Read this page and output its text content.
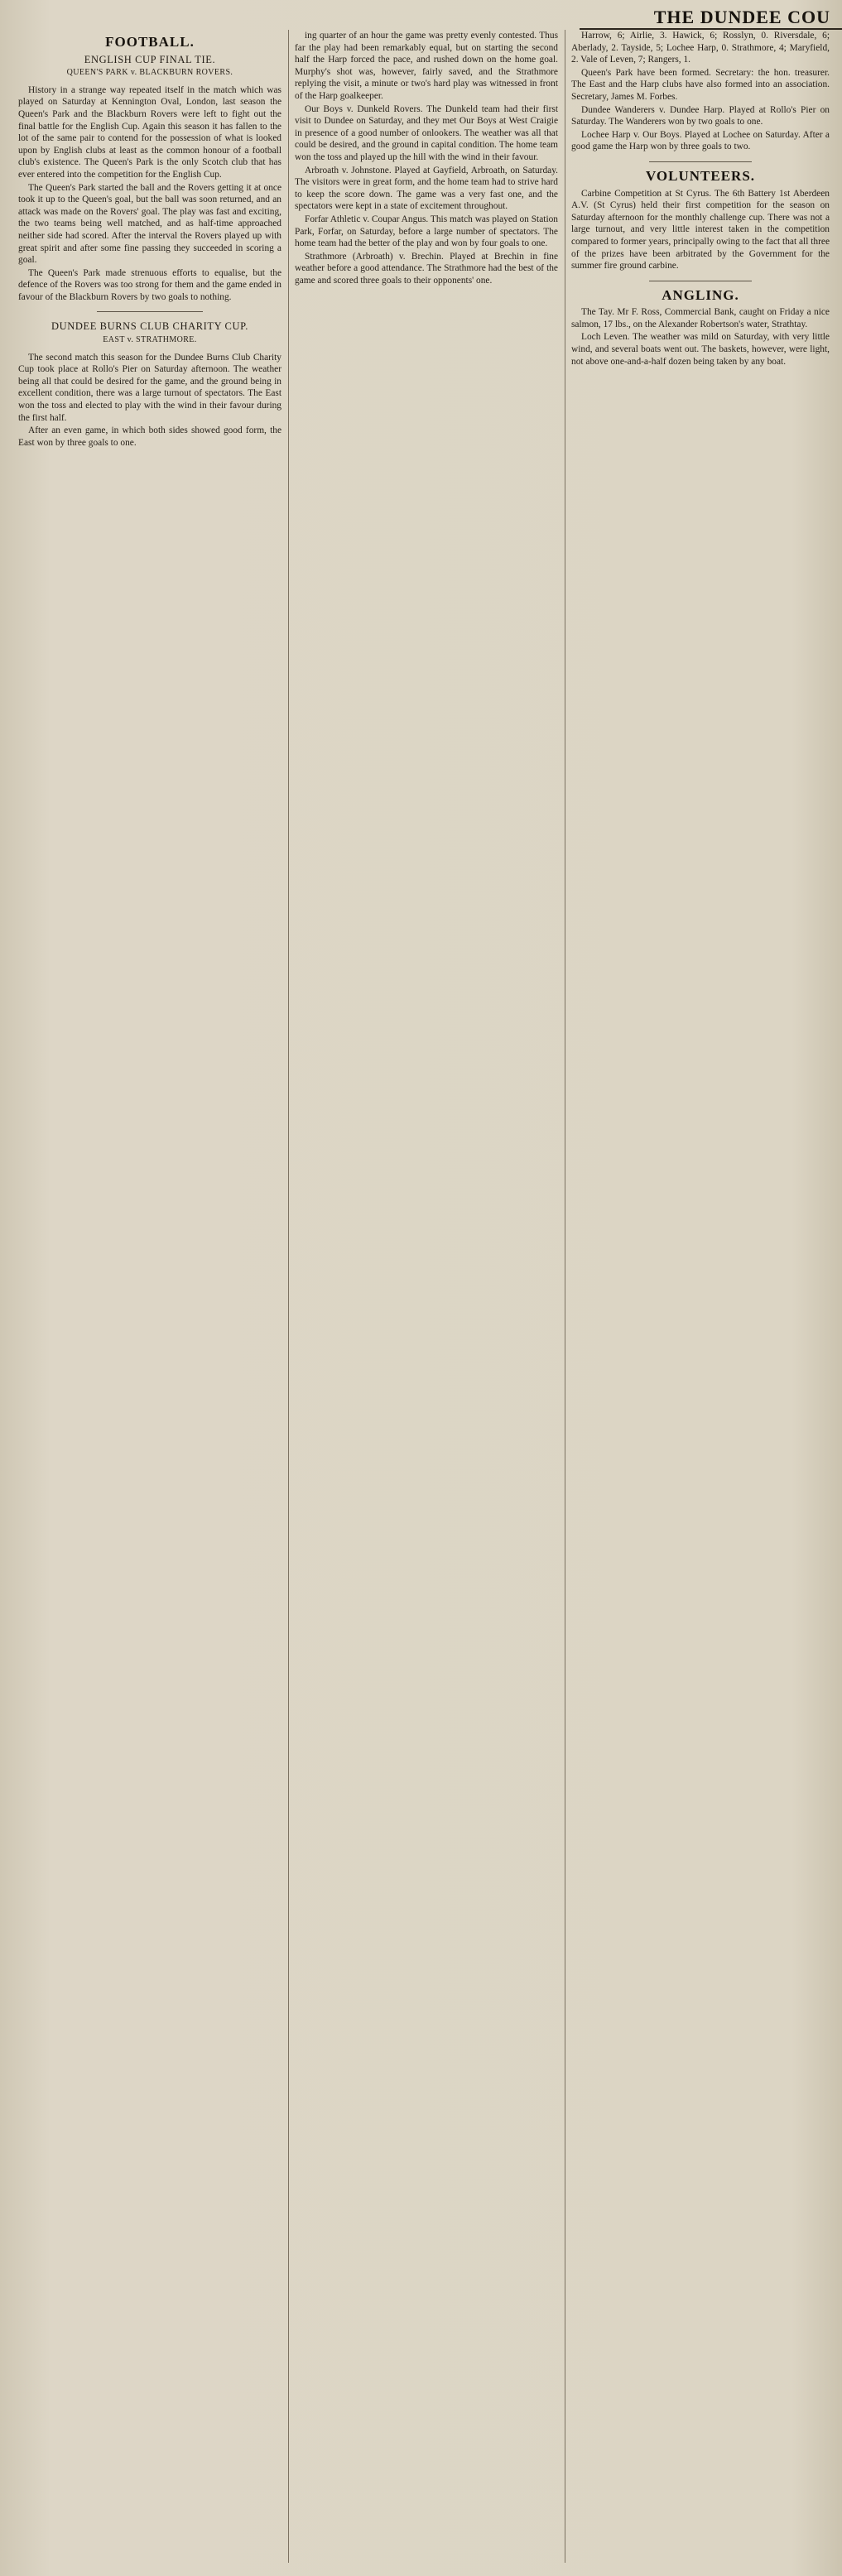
THE DUNDEE COU
FOOTBALL.
ENGLISH CUP FINAL TIE.
QUEEN'S PARK v. BLACKBURN ROVERS.

History in a strange way repeated itself in the match which was played on Saturday at Kennington Oval, London, last season the Queen's Park and the Blackburn Rovers were left to fight out the final battle for the English Cup. Again this season it has fallen to the lot of the same pair to contend for the possession of what is looked upon by English clubs at least as the common honour of a football club's existence. The Queen's Park is the only Scotch club that has ever entered into the competition for the English Cup.

The Queen's Park started the ball and the Rovers getting it at once took it up to the Queen's goal, but the ball was soon returned, and an attack was made on the Rovers' goal. The play was fast and exciting, the two teams being well matched, and as half-time approached neither side had scored. After the interval the Rovers played up with great spirit and after some fine passing they succeeded in scoring a goal.

The Queen's Park made strenuous efforts to equalise, but the defence of the Rovers was too strong for them and the game ended in favour of the Blackburn Rovers by two goals to nothing.

DUNDEE BURNS CLUB CHARITY CUP.
EAST v. STRATHMORE.

The second match this season for the Dundee Burns Club Charity Cup took place at Rollo's Pier on Saturday afternoon. The weather being all that could be desired for the game, and the ground being in excellent condition, there was a large turnout of spectators. The East won the toss and elected to play with the wind in their favour during the first half.

After an even game, in which both sides showed good form, the East won by three goals to one.

ing quarter of an hour the game was pretty evenly contested. Thus far the play had been remarkably equal, but on starting the second half the Harp forced the pace, and rushed down on the home goal. Murphy's shot was, however, fairly saved, and the Strathmore replying the visit, a minute or two's hard play was witnessed in front of the Harp goalkeeper.

Our Boys v. Dunkeld Rovers. The Dunkeld team had their first visit to Dundee on Saturday, and they met Our Boys at West Craigie in presence of a good number of onlookers. The weather was all that could be desired, and the ground in capital condition. The home team won the toss and played up the hill with the wind in their favour.

Arbroath v. Johnstone. Played at Gayfield, Arbroath, on Saturday. The visitors were in great form, and the home team had to strive hard to keep the score down. The game was a very fast one, and the spectators were kept in a state of excitement throughout.

Forfar Athletic v. Coupar Angus. This match was played on Station Park, Forfar, on Saturday, before a large number of spectators. The home team had the better of the play and won by four goals to one.

Strathmore (Arbroath) v. Brechin. Played at Brechin in fine weather before a good attendance. The Strathmore had the best of the game and scored three goals to their opponents' one.

Harrow, 6; Airlie, 3. Hawick, 6; Rosslyn, 0. Riversdale, 6; Aberlady, 2. Tayside, 5; Lochee Harp, 0. Strathmore, 4; Maryfield, 2. Vale of Leven, 7; Rangers, 1.

Queen's Park have been formed. Secretary: the hon. treasurer. The East and the Harp clubs have also formed into an association. Secretary, James M. Forbes.

Dundee Wanderers v. Dundee Harp. Played at Rollo's Pier on Saturday. The Wanderers won by two goals to one.

Lochee Harp v. Our Boys. Played at Lochee on Saturday. After a good game the Harp won by three goals to two.

VOLUNTEERS.

Carbine Competition at St Cyrus. The 6th Battery 1st Aberdeen A.V. (St Cyrus) held their first competition for the season on Saturday afternoon for the monthly challenge cup. There was not a large turnout, and very little interest taken in the competition compared to former years, principally owing to the fact that all three of the prizes have been arbitrated by the Government for the summer fire ground carbine.

ANGLING.

The Tay. Mr F. Ross, Commercial Bank, caught on Friday a nice salmon, 17 lbs., on the Alexander Robertson's water, Strathtay.

Loch Leven. The weather was mild on Saturday, with very little wind, and several boats went out. The baskets, however, were light, not above one-and-a-half dozen being taken by any boat.
